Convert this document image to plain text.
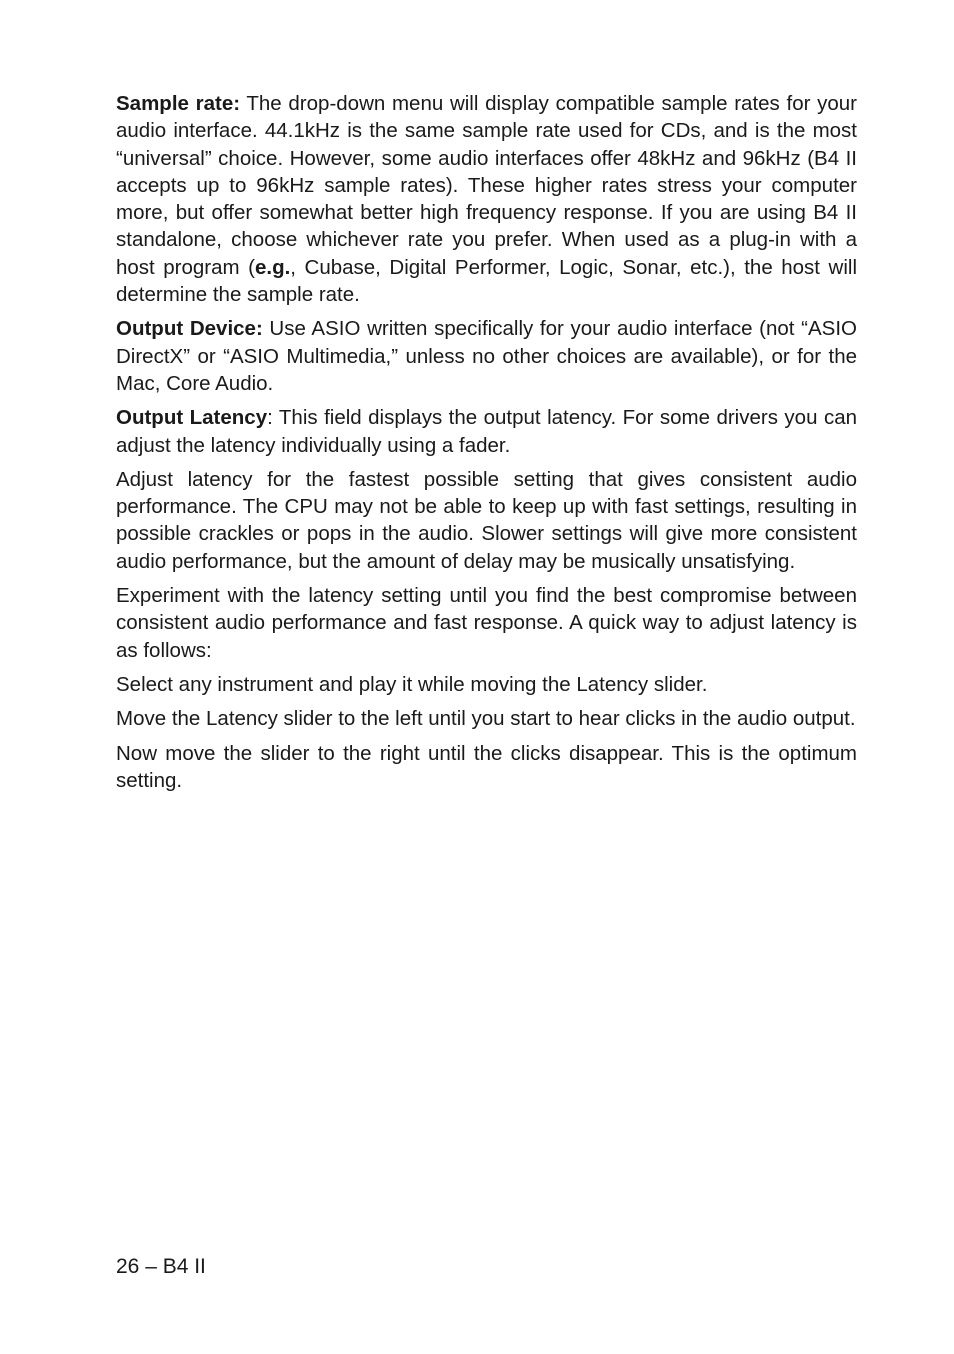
Sample rate: The drop-down menu will display compatible sample rates for your audio interface. 44.1kHz is the same sample rate used for CDs, and is the most “universal” choice. However, some audio interfaces offer 48kHz and 96kHz (B4 II accepts up to 96kHz sample rates). These higher rates stress your computer more, but offer somewhat better high frequency response. If you are using B4 II standalone, choose whichever rate you prefer. When used as a plug-in with a host program (e.g., Cubase, Digital Performer, Logic, Sonar, etc.), the host will determine the sample rate.

Output Device: Use ASIO written specifically for your audio interface (not “ASIO DirectX” or “ASIO Multimedia,” unless no other choices are available), or for the Mac, Core Audio.

Output Latency: This field displays the output latency. For some drivers you can adjust the latency individually using a fader.

Adjust latency for the fastest possible setting that gives consistent audio performance. The CPU may not be able to keep up with fast settings, resulting in possible crackles or pops in the audio. Slower settings will give more consistent audio performance, but the amount of delay may be musically unsatisfying.

Experiment with the latency setting until you find the best compromise between consistent audio performance and fast response. A quick way to adjust latency is as follows:

Select any instrument and play it while moving the Latency slider.

Move the Latency slider to the left until you start to hear clicks in the audio output.

Now move the slider to the right until the clicks disappear. This is the optimum setting.

26 – B4 II
